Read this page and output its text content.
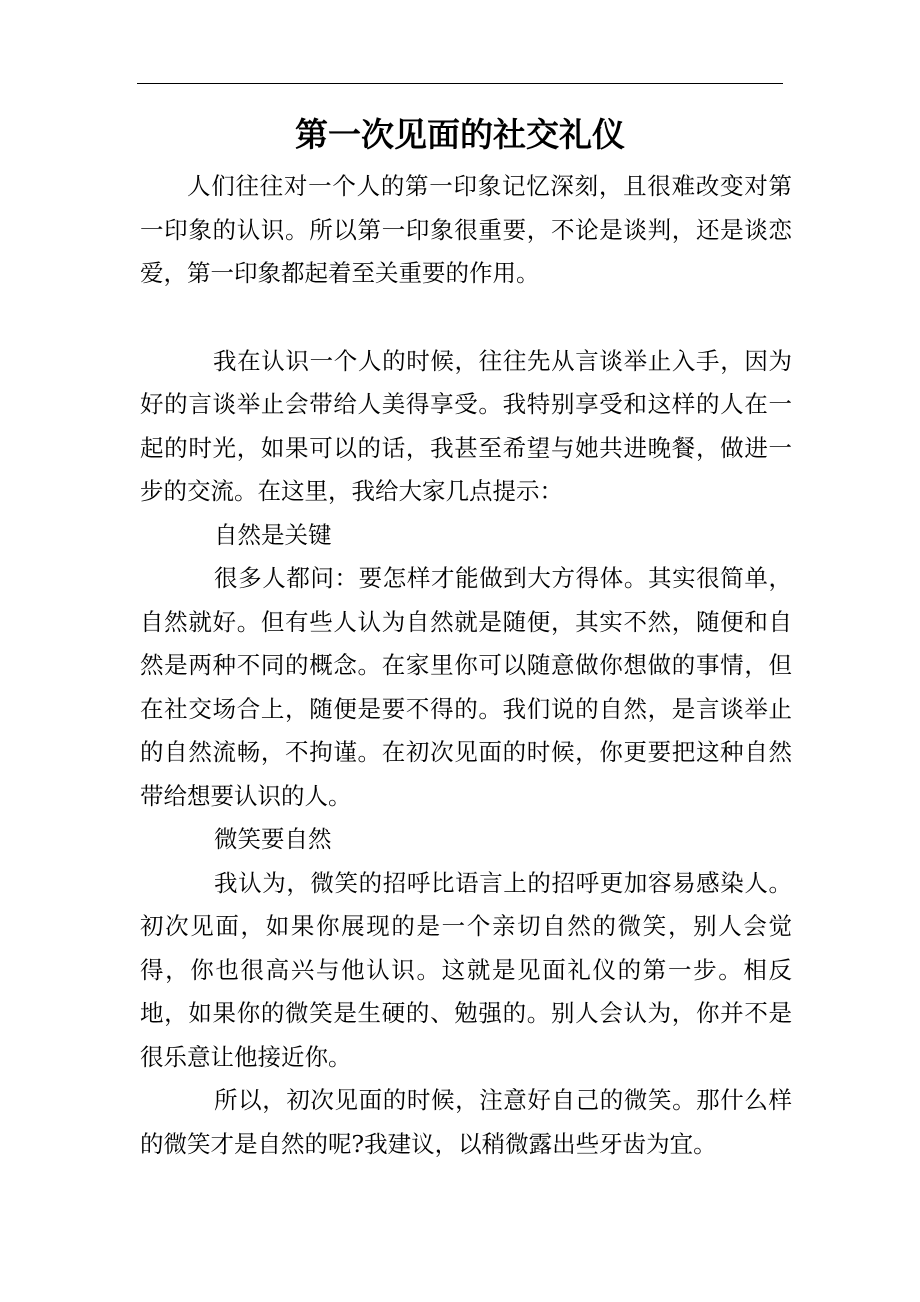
第一次见面的社交礼仪

人们往往对一个人的第一印象记忆深刻，且很难改变对第一印象的认识。所以第一印象很重要，不论是谈判，还是谈恋爱，第一印象都起着至关重要的作用。

我在认识一个人的时候，往往先从言谈举止入手，因为好的言谈举止会带给人美得享受。我特别享受和这样的人在一起的时光，如果可以的话，我甚至希望与她共进晚餐，做进一步的交流。在这里，我给大家几点提示：

自然是关键

很多人都问：要怎样才能做到大方得体。其实很简单，自然就好。但有些人认为自然就是随便，其实不然，随便和自然是两种不同的概念。在家里你可以随意做你想做的事情，但在社交场合上，随便是要不得的。我们说的自然，是言谈举止的自然流畅，不拘谨。在初次见面的时候，你更要把这种自然带给想要认识的人。

微笑要自然

我认为，微笑的招呼比语言上的招呼更加容易感染人。初次见面，如果你展现的是一个亲切自然的微笑，别人会觉得，你也很高兴与他认识。这就是见面礼仪的第一步。相反地，如果你的微笑是生硬的、勉强的。别人会认为，你并不是很乐意让他接近你。

所以，初次见面的时候，注意好自己的微笑。那什么样的微笑才是自然的呢?我建议，以稍微露出些牙齿为宜。
